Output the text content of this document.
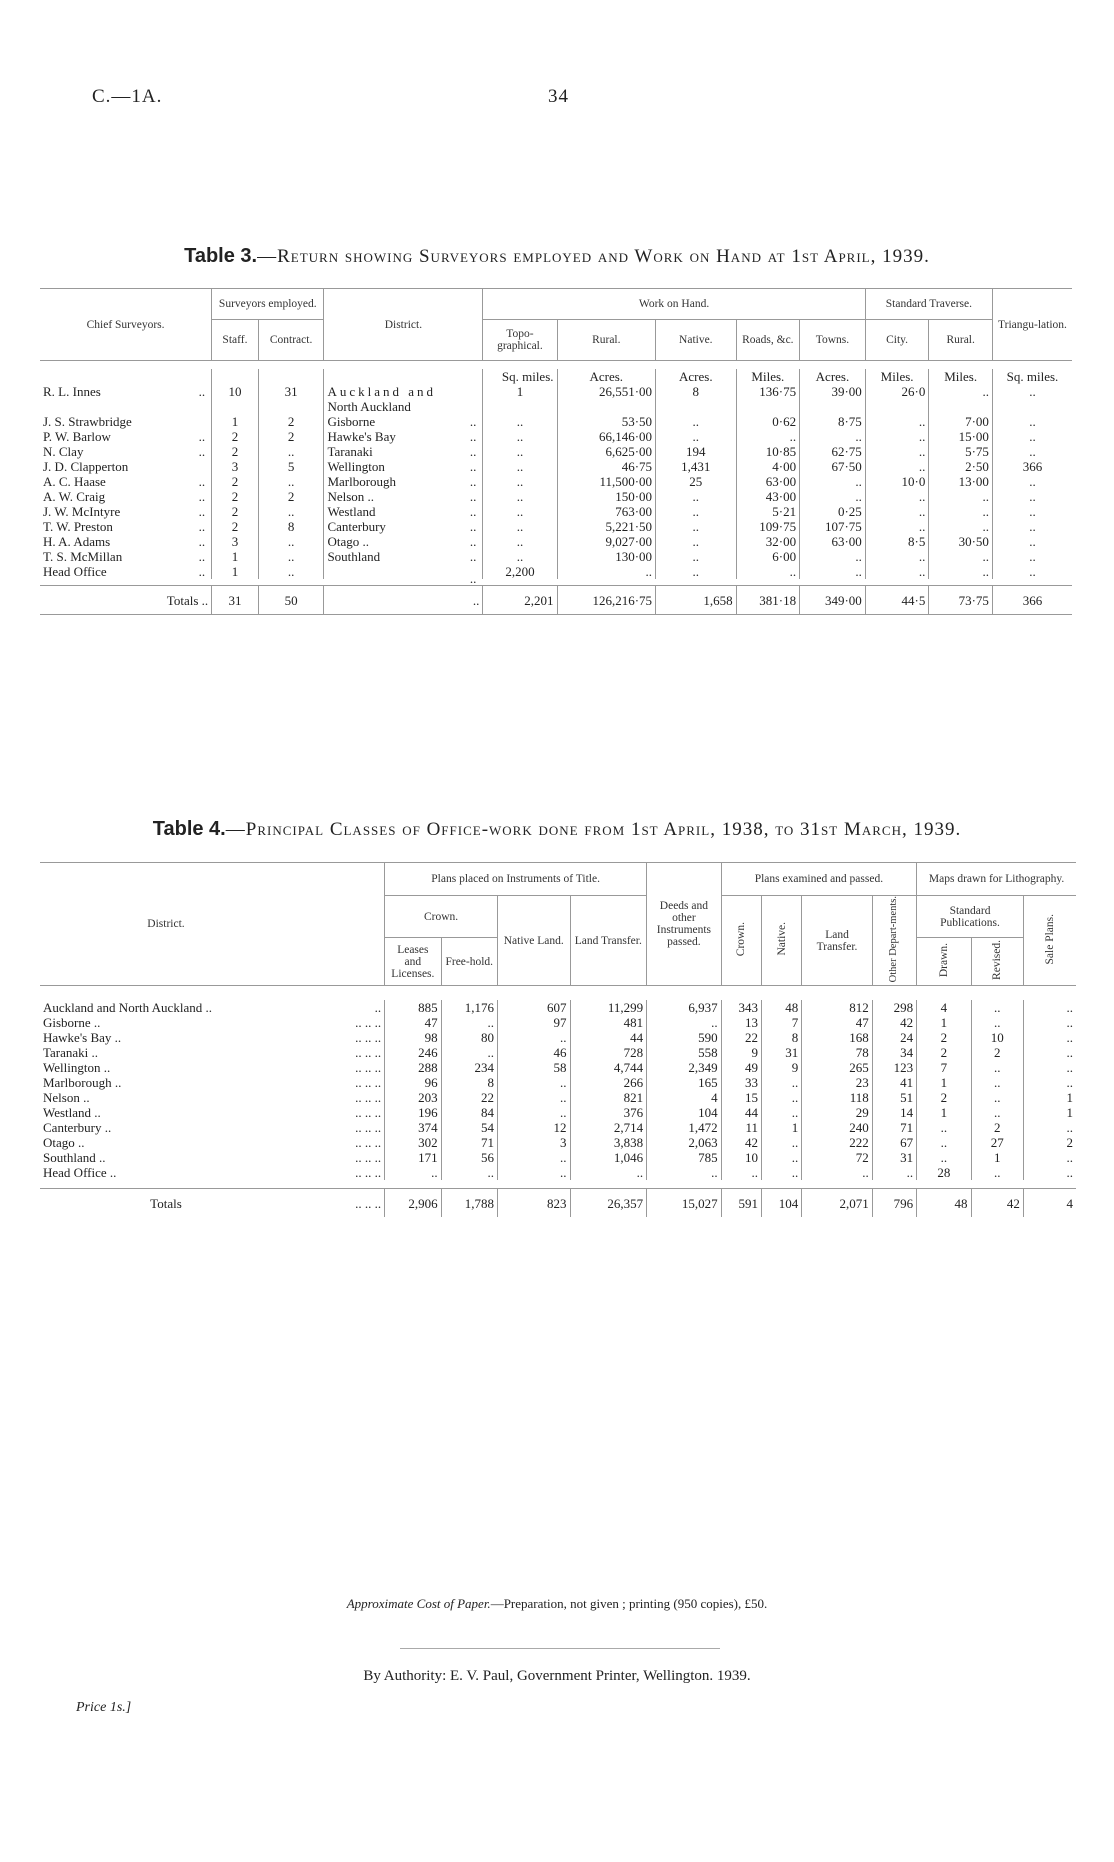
C.—1A.	34
Table 3.—Return showing Surveyors employed and Work on Hand at 1st April, 1939.
Chief Surveyors.	Surveyors employed.		District.	Work on Hand.					Standard Traverse.		Triangu-lation.
	Staff.	Contract.		Topo-graphical.	Rural.	Native.	Roads, &c.	Towns.	City.	Rural.	

				Sq. miles.	Acres.	Acres.	Miles.	Acres.	Miles.	Miles.	Sq. miles.
R. L. Innes ..	10	31	Auckland and	1	26,551·00	8	136·75	39·00	26·0	..	..

			North Auckland

J. S. Strawbridge	1	2	Gisborne ..	..	53·50	..	0·62	8·75	..	7·00	..
P. W. Barlow ..	2	2	Hawke's Bay ..	..	66,146·00	..	..	..	..	15·00	..
N. Clay ..	2	..	Taranaki ..	..	6,625·00	194	10·85	62·75	..	5·75	..
J. D. Clapperton	3	5	Wellington ..	..	46·75	1,431	4·00	67·50	..	2·50	366
A. C. Haase ..	2	..	Marlborough ..	..	11,500·00	25	63·00	..	10·0	13·00	..
A. W. Craig ..	2	2	Nelson .. ..	..	150·00	..	43·00	..	..	..	..
J. W. McIntyre ..	2	..	Westland ..	..	763·00	..	5·21	0·25	..	..	..
T. W. Preston ..	2	8	Canterbury ..	..	5,221·50	..	109·75	107·75	..	..	..
H. A. Adams ..	3	..	Otago .. ..	..	9,027·00	..	32·00	63·00	8·5	30·50	..
T. S. McMillan ..	1	..	Southland ..	..	130·00	..	6·00	..	..	..	..
Head Office ..	1	..	..	2,200	..	..	..	..	..	..	..

Totals ..	31	50	..	2,201	126,216·75	1,658	381·18	349·00	44·5	73·75	366
Table 4.—Principal Classes of Office-work done from 1st April, 1938, to 31st March, 1939.
District.		Plans placed on Instruments of Title.				Deeds and other Instruments passed.	Plans examined and passed.				Maps drawn for Lithography.		
		Crown.		Native Land.	Land Transfer.		Crown.	Native.	Land Transfer.	Other Depart-ments.	Standard Publications.		Sale Plans.
		Leases and Licenses.	Free-hold.								Drawn.	Revised.	

Auckland and North Auckland ..	..	885	1,176	607	11,299	6,937	343	48	812	298	4	..	..
Gisborne ..	.. .. ..	47	..	97	481	..	13	7	47	42	1	..	..
Hawke's Bay ..	.. .. ..	98	80	..	44	590	22	8	168	24	2	10	..
Taranaki ..	.. .. ..	246	..	46	728	558	9	31	78	34	2	2	..
Wellington ..	.. .. ..	288	234	58	4,744	2,349	49	9	265	123	7	..	..
Marlborough ..	.. .. ..	96	8	..	266	165	33	..	23	41	1	..	..
Nelson ..	.. .. ..	203	22	..	821	4	15	..	118	51	2	..	1
Westland ..	.. .. ..	196	84	..	376	104	44	..	29	14	1	..	1
Canterbury ..	.. .. ..	374	54	12	2,714	1,472	11	1	240	71	..	2	..
Otago ..	.. .. ..	302	71	3	3,838	2,063	42	..	222	67	..	27	2
Southland ..	.. .. ..	171	56	..	1,046	785	10	..	72	31	..	1	..
Head Office ..	.. .. ..	..	..	..	..	..	..	..	..	..	28	..	..

Totals	.. .. ..	2,906	1,788	823	26,357	15,027	591	104	2,071	796	48	42	4
Approximate Cost of Paper.—Preparation, not given ; printing (950 copies), £50.
By Authority: E. V. Paul, Government Printer, Wellington. 1939.
Price 1s.]
